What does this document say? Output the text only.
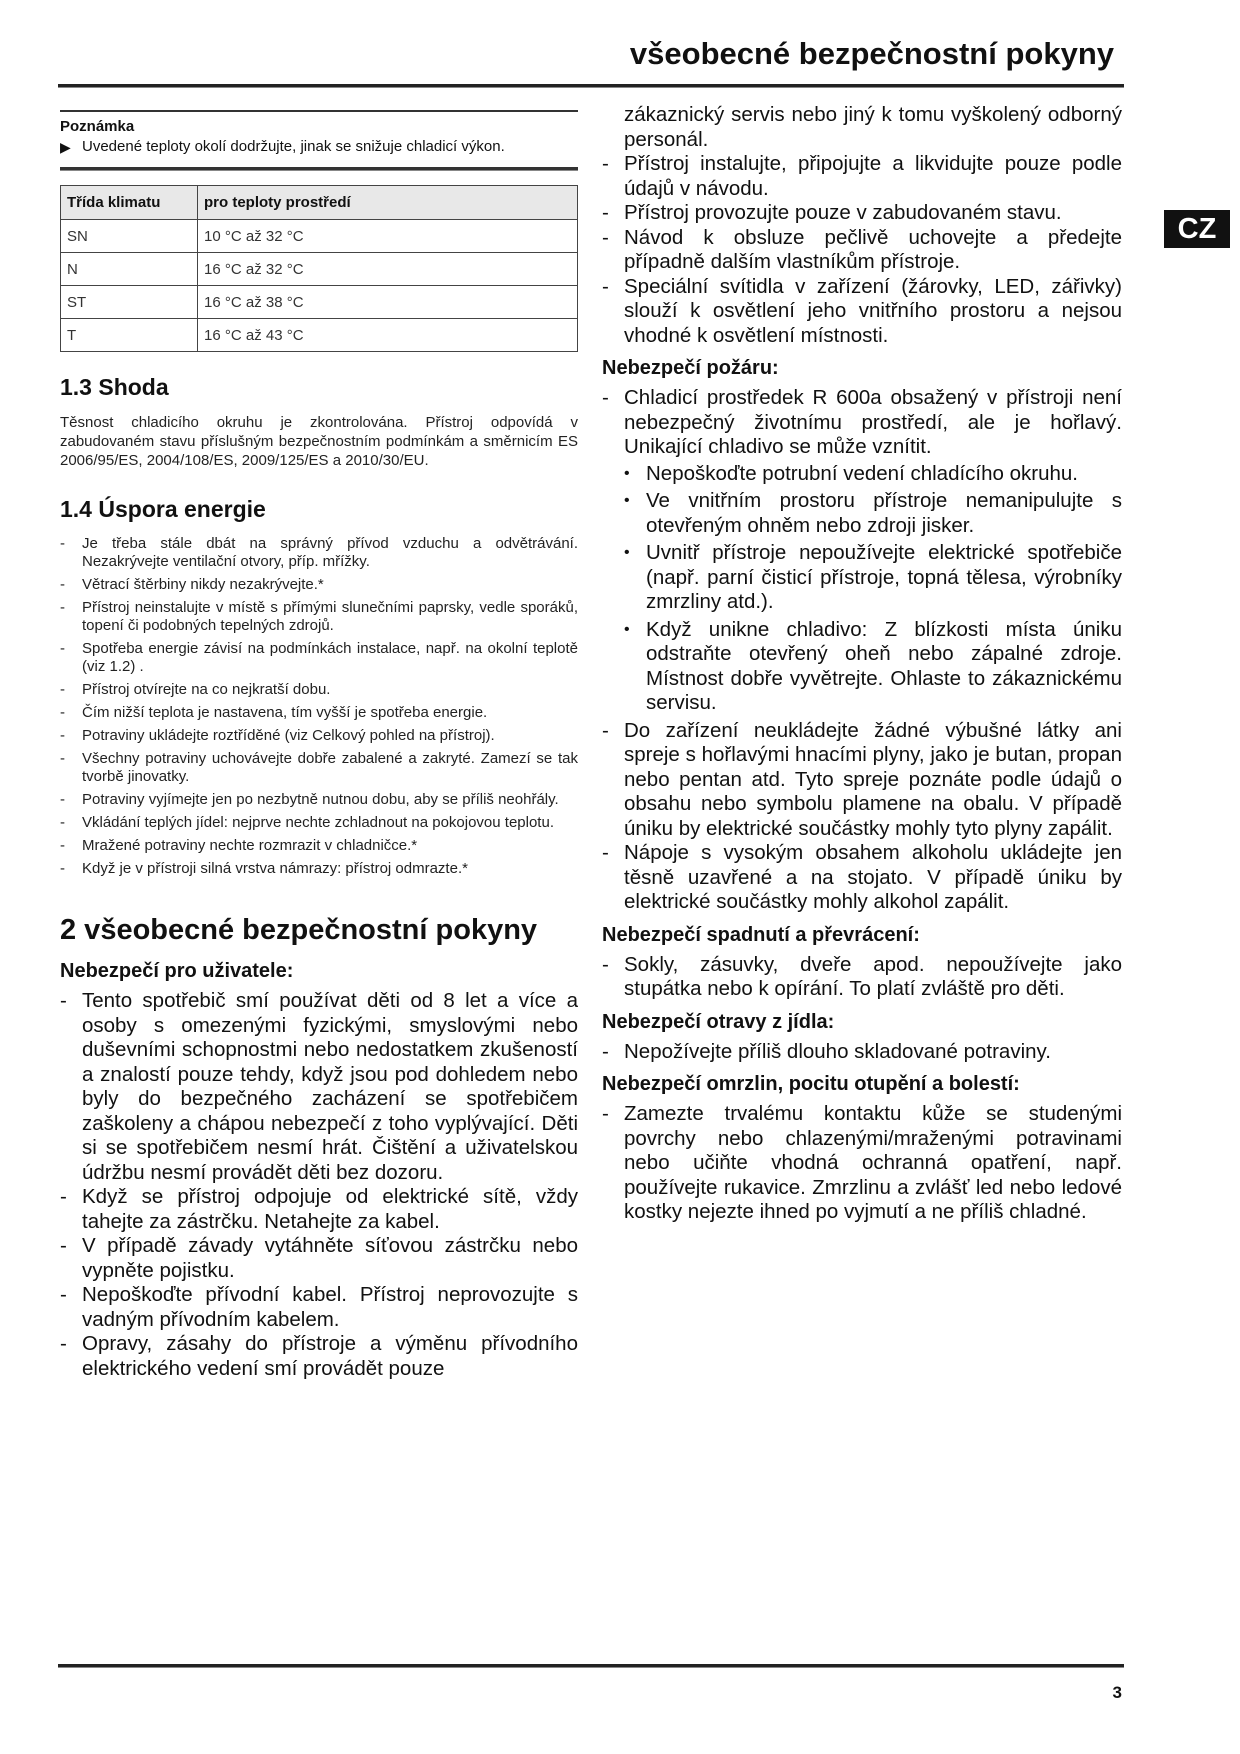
všeobecné bezpečnostní pokyny
CZ
Poznámka
▶ Uvedené teploty okolí dodržujte, jinak se snižuje chladicí výkon.
Třída klimatu	pro teploty prostředí
SN	10 °C až 32 °C
N	16 °C až 32 °C
ST	16 °C až 38 °C
T	16 °C až 43 °C
1.3 Shoda

Těsnost chladicího okruhu je zkontrolována. Přístroj odpovídá v zabudovaném stavu příslušným bezpečnostním podmínkám a směrnicím ES 2006/95/ES, 2004/108/ES, 2009/125/ES a 2010/30/EU.

1.4 Úspora energie
-	Je třeba stále dbát na správný přívod vzduchu a odvětrávání. Nezakrývejte ventilační otvory, příp. mřížky.
-	Větrací štěrbiny nikdy nezakrývejte.*
-	Přístroj neinstalujte v místě s přímými slunečními paprsky, vedle sporáků, topení či podobných tepelných zdrojů.
-	Spotřeba energie závisí na podmínkách instalace, např. na okolní teplotě (viz 1.2) .
-	Přístroj otvírejte na co nejkratší dobu.
-	Čím nižší teplota je nastavena, tím vyšší je spotřeba energie.
-	Potraviny ukládejte roztříděné (viz Celkový pohled na přístroj).
-	Všechny potraviny uchovávejte dobře zabalené a zakryté. Zamezí se tak tvorbě jinovatky.
-	Potraviny vyjímejte jen po nezbytně nutnou dobu, aby se příliš neohřály.
-	Vkládání teplých jídel: nejprve nechte zchladnout na pokojovou teplotu.
-	Mražené potraviny nechte rozmrazit v chladničce.*
-	Když je v přístroji silná vrstva námrazy: přístroj odmrazte.*
2 všeobecné bezpečnostní pokyny
Nebezpečí pro uživatele:
- Tento spotřebič smí používat děti od 8 let a více a osoby s omezenými fyzickými, smyslovými nebo duševními schopnostmi nebo nedostatkem zkušeností a znalostí pouze tehdy, když jsou pod dohledem nebo byly do bezpečného zacházení se spotřebičem zaškoleny a chápou nebezpečí z toho vyplývající. Děti si se spotřebičem nesmí hrát. Čištění a uživatelskou údržbu nesmí provádět děti bez dozoru.
- Když se přístroj odpojuje od elektrické sítě, vždy tahejte za zástrčku. Netahejte za kabel.
- V případě závady vytáhněte síťovou zástrčku nebo vypněte pojistku.
- Nepoškoďte přívodní kabel. Přístroj neprovozujte s vadným přívodním kabelem.
- Opravy, zásahy do přístroje a výměnu přívodního elektrického vedení smí provádět pouze
zákaznický servis nebo jiný k tomu vyškolený odborný personál.
- Přístroj instalujte, připojujte a likvidujte pouze podle údajů v návodu.
- Přístroj provozujte pouze v zabudovaném stavu.
- Návod k obsluze pečlivě uchovejte a předejte případně dalším vlastníkům přístroje.
- Speciální svítidla v zařízení (žárovky, LED, zářivky) slouží k osvětlení jeho vnitřního prostoru a nejsou vhodné k osvětlení místnosti.
Nebezpečí požáru:
- Chladicí prostředek R 600a obsažený v přístroji není nebezpečný životnímu prostředí, ale je hořlavý. Unikající chladivo se může vznítit.
• Nepoškoďte potrubní vedení chladícího okruhu.
• Ve vnitřním prostoru přístroje nemanipulujte s otevřeným ohněm nebo zdroji jisker.
• Uvnitř přístroje nepoužívejte elektrické spotřebiče (např. parní čisticí přístroje, topná tělesa, výrobníky zmrzliny atd.).
• Když unikne chladivo: Z blízkosti místa úniku odstraňte otevřený oheň nebo zápalné zdroje. Místnost dobře vyvětrejte. Ohlaste to zákaznickému servisu.
- Do zařízení neukládejte žádné výbušné látky ani spreje s hořlavými hnacími plyny, jako je butan, propan nebo pentan atd. Tyto spreje poznáte podle údajů o obsahu nebo symbolu plamene na obalu. V případě úniku by elektrické součástky mohly tyto plyny zapálit.
- Nápoje s vysokým obsahem alkoholu ukládejte jen těsně uzavřené a na stojato. V případě úniku by elektrické součástky mohly alkohol zapálit.
Nebezpečí spadnutí a převrácení:
- Sokly, zásuvky, dveře apod. nepoužívejte jako stupátka nebo k opírání. To platí zvláště pro děti.
Nebezpečí otravy z jídla:
- Nepožívejte příliš dlouho skladované potraviny.
Nebezpečí omrzlin, pocitu otupění a bolestí:
- Zamezte trvalému kontaktu kůže se studenými povrchy nebo chlazenými/mraženými potravinami nebo učiňte vhodná ochranná opatření, např. používejte rukavice. Zmrzlinu a zvlášť led nebo ledové kostky nejezte ihned po vyjmutí a ne příliš chladné.
3
